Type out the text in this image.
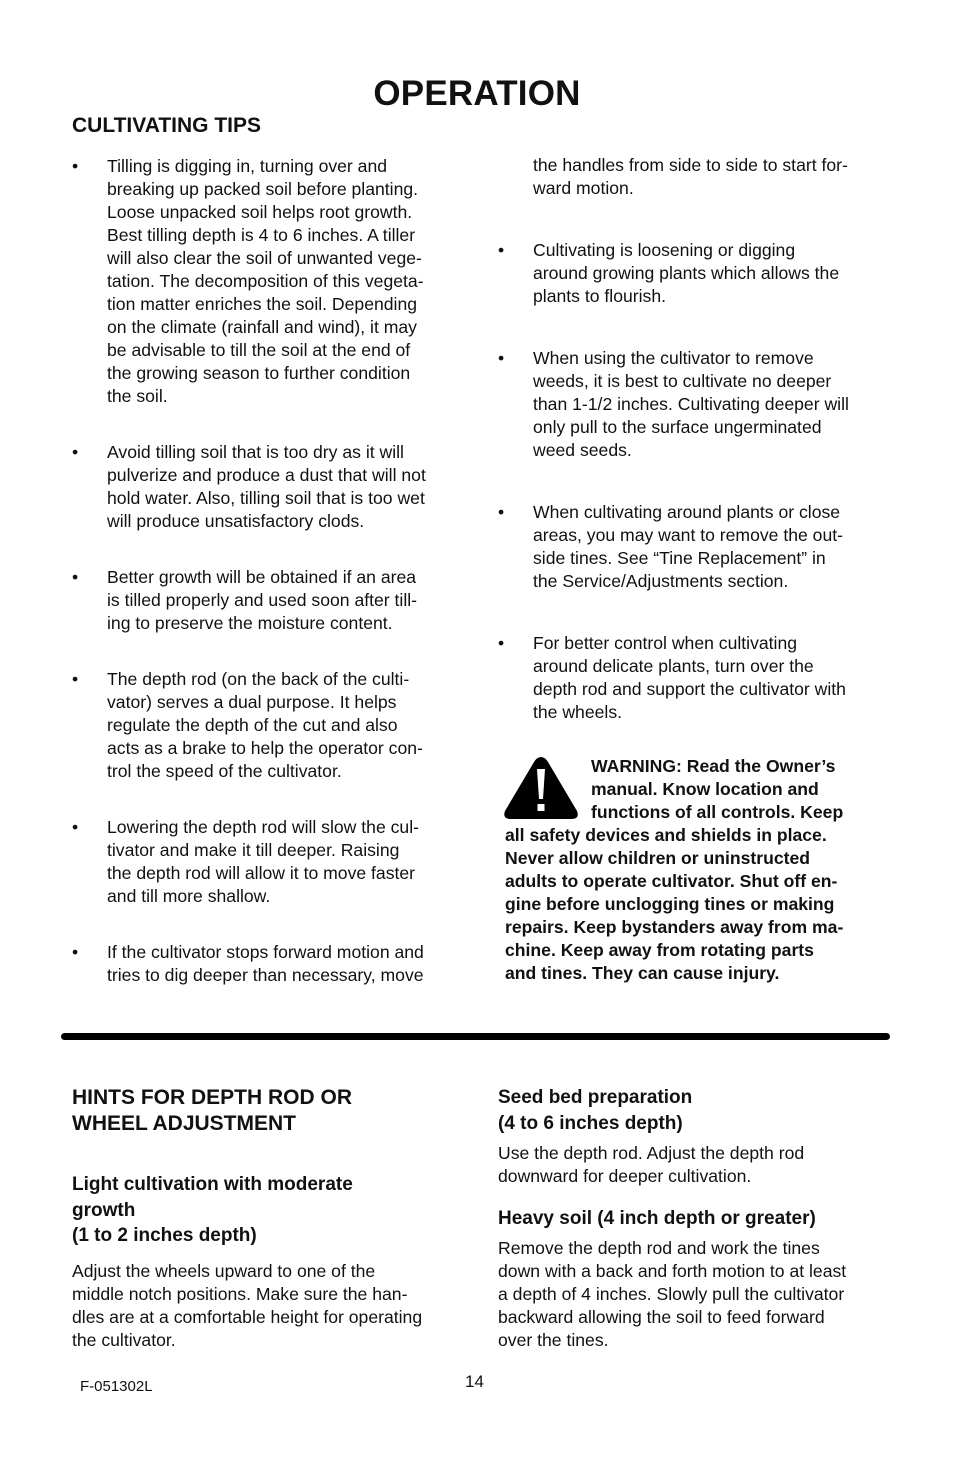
OPERATION
CULTIVATING TIPS
•	Tilling is digging in, turning over and
breaking up packed soil before planting.
Loose unpacked soil helps root growth.
Best tilling depth is 4 to 6 inches. A tiller
will also clear the soil of unwanted vege-
tation. The decomposition of this vegeta-
tion matter enriches the soil. Depending
on the climate (rainfall and wind), it may
be advisable to till the soil at the end of
the growing season to further condition
the soil.
•	Avoid tilling soil that is too dry as it will
pulverize and produce a dust that will not
hold water. Also, tilling soil that is too wet
will produce unsatisfactory clods.
•	Better growth will be obtained if an area
is tilled properly and used soon after till-
ing to preserve the moisture content.
•	The depth rod (on the back of the culti-
vator) serves a dual purpose. It helps
regulate the depth of the cut and also
acts as a brake to help the operator con-
trol the speed of the cultivator.
•	Lowering the depth rod will slow the cul-
tivator and make it till deeper. Raising
the depth rod will allow it to move faster
and till more shallow.
•	If the cultivator stops forward motion and
tries to dig deeper than necessary, move
the handles from side to side to start for-
ward motion.
•	Cultivating is loosening or digging
around growing plants which allows the
plants to flourish.
•	When using the cultivator to remove
weeds, it is best to cultivate no deeper
than 1-1/2 inches. Cultivating deeper will
only pull to the surface ungerminated
weed seeds.
•	When cultivating around plants or close
areas, you may want to remove the out-
side tines. See “Tine Replacement” in
the Service/Adjustments section.
•	For better control when cultivating
around delicate plants, turn over the
depth rod and support the cultivator with
the wheels.
WARNING: Read the Owner’s
manual. Know location and
functions of all controls. Keep
all safety devices and shields in place.
Never allow children or uninstructed
adults to operate cultivator. Shut off en-
gine before unclogging tines or making
repairs. Keep bystanders away from ma-
chine. Keep away from rotating parts
and tines. They can cause injury.
HINTS FOR DEPTH ROD OR
WHEEL ADJUSTMENT
Light cultivation with moderate
growth
(1 to 2 inches depth)
Adjust the wheels upward to one of the
middle notch positions. Make sure the han-
dles are at a comfortable height for operating
the cultivator.
Seed bed preparation
(4 to 6 inches depth)
Use the depth rod. Adjust the depth rod
downward for deeper cultivation.
Heavy soil (4 inch depth or greater)
Remove the depth rod and work the tines
down with a back and forth motion to at least
a depth of 4 inches. Slowly pull the cultivator
backward allowing the soil to feed forward
over the tines.
F-051302L	14
